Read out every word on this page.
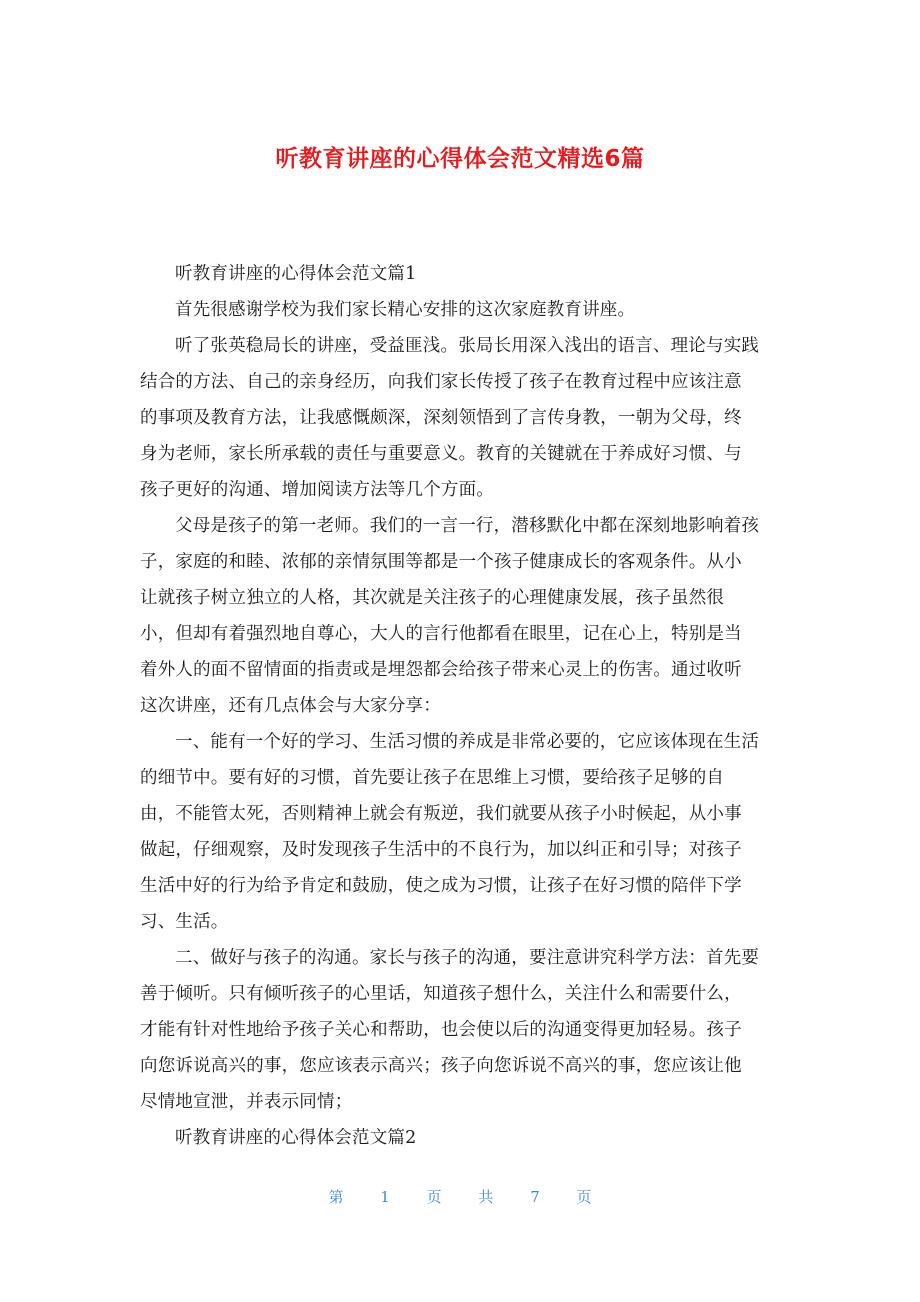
听教育讲座的心得体会范文精选6篇

听教育讲座的心得体会范文篇1

首先很感谢学校为我们家长精心安排的这次家庭教育讲座。

听了张英稳局长的讲座，受益匪浅。张局长用深入浅出的语言、理论与实践
结合的方法、自己的亲身经历，向我们家长传授了孩子在教育过程中应该注意
的事项及教育方法，让我感慨颇深，深刻领悟到了言传身教，一朝为父母，终
身为老师，家长所承载的责任与重要意义。教育的关键就在于养成好习惯、与
孩子更好的沟通、增加阅读方法等几个方面。

父母是孩子的第一老师。我们的一言一行，潜移默化中都在深刻地影响着孩
子，家庭的和睦、浓郁的亲情氛围等都是一个孩子健康成长的客观条件。从小
让就孩子树立独立的人格，其次就是关注孩子的心理健康发展，孩子虽然很
小，但却有着强烈地自尊心，大人的言行他都看在眼里，记在心上，特别是当
着外人的面不留情面的指责或是埋怨都会给孩子带来心灵上的伤害。通过收听
这次讲座，还有几点体会与大家分享：

一、能有一个好的学习、生活习惯的养成是非常必要的，它应该体现在生活
的细节中。要有好的习惯，首先要让孩子在思维上习惯，要给孩子足够的自
由，不能管太死，否则精神上就会有叛逆，我们就要从孩子小时候起，从小事
做起，仔细观察，及时发现孩子生活中的不良行为，加以纠正和引导；对孩子
生活中好的行为给予肯定和鼓励，使之成为习惯，让孩子在好习惯的陪伴下学
习、生活。

二、做好与孩子的沟通。家长与孩子的沟通，要注意讲究科学方法：首先要
善于倾听。只有倾听孩子的心里话，知道孩子想什么，关注什么和需要什么，
才能有针对性地给予孩子关心和帮助，也会使以后的沟通变得更加轻易。孩子
向您诉说高兴的事，您应该表示高兴；孩子向您诉说不高兴的事，您应该让他
尽情地宣泄，并表示同情；

听教育讲座的心得体会范文篇2

第 1 页 共 7 页
